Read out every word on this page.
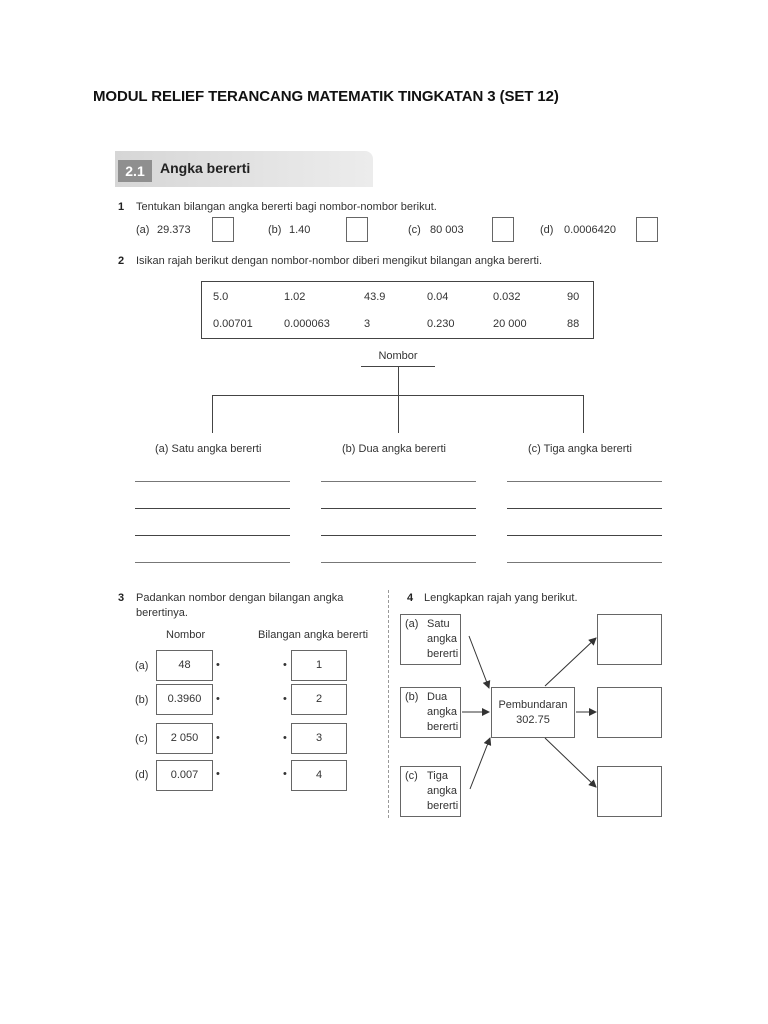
MODUL RELIEF TERANCANG MATEMATIK TINGKATAN 3 (SET 12)
2.1	Angka bererti
1 Tentukan bilangan angka bererti bagi nombor-nombor berikut.
(a) 29.373	(b) 1.40	(c) 80 003	(d) 0.0006420
2 Isikan rajah berikut dengan nombor-nombor diberi mengikut bilangan angka bererti.
5.0	1.02	43.9	0.04	0.032	90
0.00701	0.000063	3	0.230	20 000	88
Nombor
(a) Satu angka bererti	(b) Dua angka bererti	(c) Tiga angka bererti
3 Padankan nombor dengan bilangan angka
berertinya.
Nombor	Bilangan angka bererti
(a)	48	•	•	1
(b)	0.3960	•	•	2
(c)	2 050	•	•	3
(d)	0.007	•	•	4
4 Lengkapkan rajah yang berikut.
(a) Satu
angka
bererti
(b) Dua
angka
bererti
(c) Tiga
angka
bererti
Pembundaran
302.75
